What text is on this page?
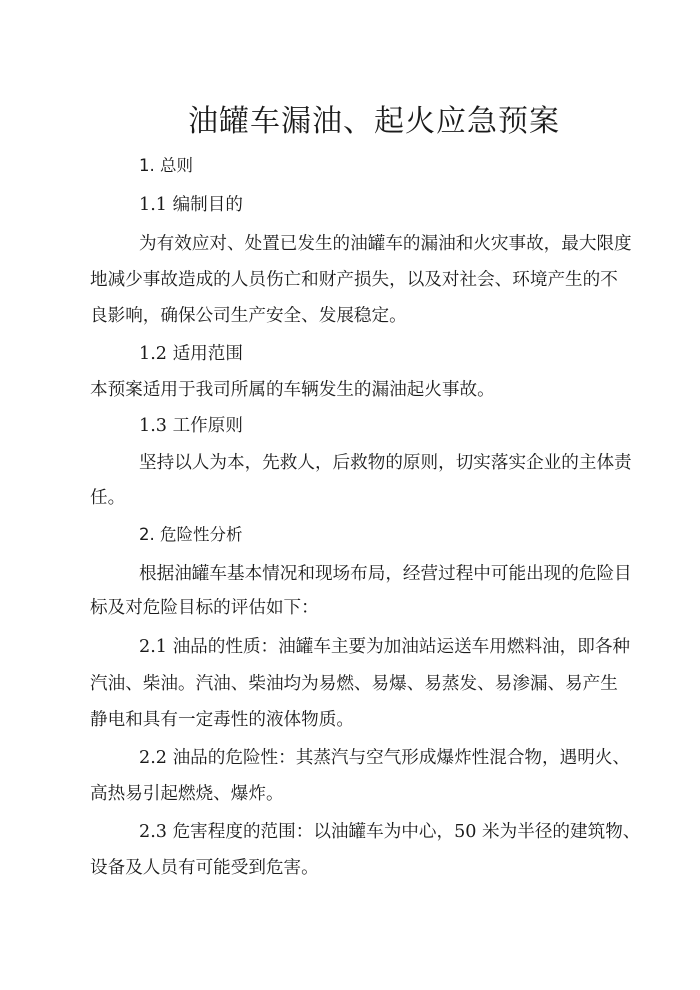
油罐车漏油、起火应急预案
1. 总则
1.1 编制目的
为有效应对、处置已发生的油罐车的漏油和火灾事故，最大限度
地减少事故造成的人员伤亡和财产损失，以及对社会、环境产生的不
良影响，确保公司生产安全、发展稳定。
1.2 适用范围
本预案适用于我司所属的车辆发生的漏油起火事故。
1.3 工作原则
坚持以人为本，先救人，后救物的原则，切实落实企业的主体责
任。
2. 危险性分析
根据油罐车基本情况和现场布局，经营过程中可能出现的危险目
标及对危险目标的评估如下：
2.1 油品的性质：油罐车主要为加油站运送车用燃料油，即各种
汽油、柴油。汽油、柴油均为易燃、易爆、易蒸发、易渗漏、易产生
静电和具有一定毒性的液体物质。
2.2 油品的危险性：其蒸汽与空气形成爆炸性混合物，遇明火、
高热易引起燃烧、爆炸。
2.3 危害程度的范围：以油罐车为中心，50 米为半径的建筑物、
设备及人员有可能受到危害。
